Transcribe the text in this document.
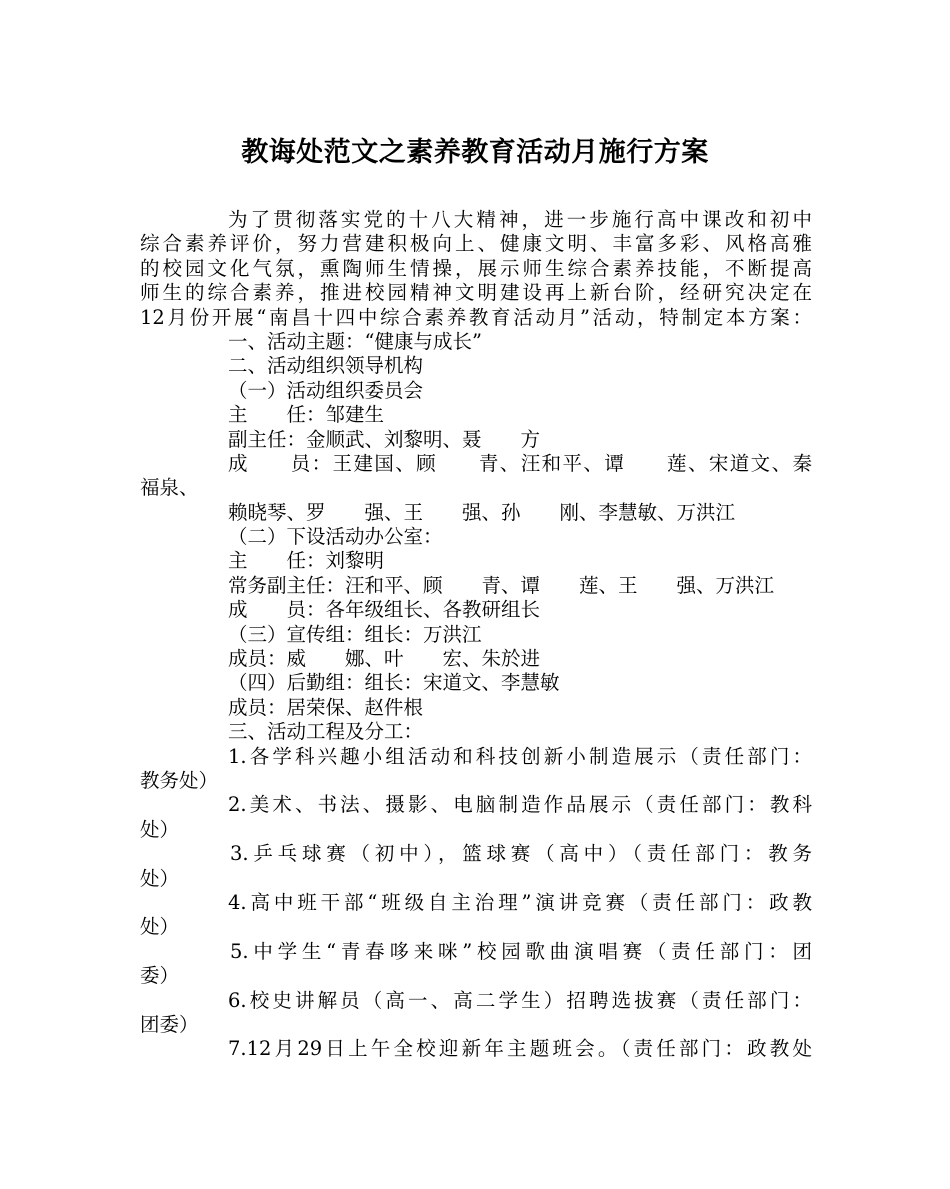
教诲处范文之素养教育活动月施行方案
为了贯彻落实党的十八大精神，进一步施行高中课改和初中
综合素养评价，努力营建积极向上、健康文明、丰富多彩、风格高雅
的校园文化气氛，熏陶师生情操，展示师生综合素养技能，不断提高
师生的综合素养，推进校园精神文明建设再上新台阶，经研究决定在
12月份开展“南昌十四中综合素养教育活动月”活动，特制定本方案：
一、活动主题：“健康与成长”
二、活动组织领导机构
（一）活动组织委员会
主　　任：邹建生
副主任：金顺武、刘黎明、聂　　方
成　　员：王建国、顾　　青、汪和平、谭　　莲、宋道文、秦
福泉、
赖晓琴、罗　　强、王　　强、孙　　刚、李慧敏、万洪江
（二）下设活动办公室：
主　　任：刘黎明
常务副主任：汪和平、顾　　青、谭　　莲、王　　强、万洪江
成　　员：各年级组长、各教研组长
（三）宣传组：组长：万洪江
成员：威　　娜、叶　　宏、朱於进
（四）后勤组：组长：宋道文、李慧敏
成员：居荣保、赵件根
三、活动工程及分工：
1.各学科兴趣小组活动和科技创新小制造展示（责任部门：
教务处）
2.美术、书法、摄影、电脑制造作品展示（责任部门：教科
处）
3.乒乓球赛（初中），篮球赛（高中）（责任部门：教务
处）
4.高中班干部“班级自主治理”演讲竞赛（责任部门：政教
处）
5.中学生“青春哆来咪”校园歌曲演唱赛（责任部门：团
委）
6.校史讲解员（高一、高二学生）招聘选拔赛（责任部门：
团委）
7.12月29日上午全校迎新年主题班会。（责任部门：政教处
